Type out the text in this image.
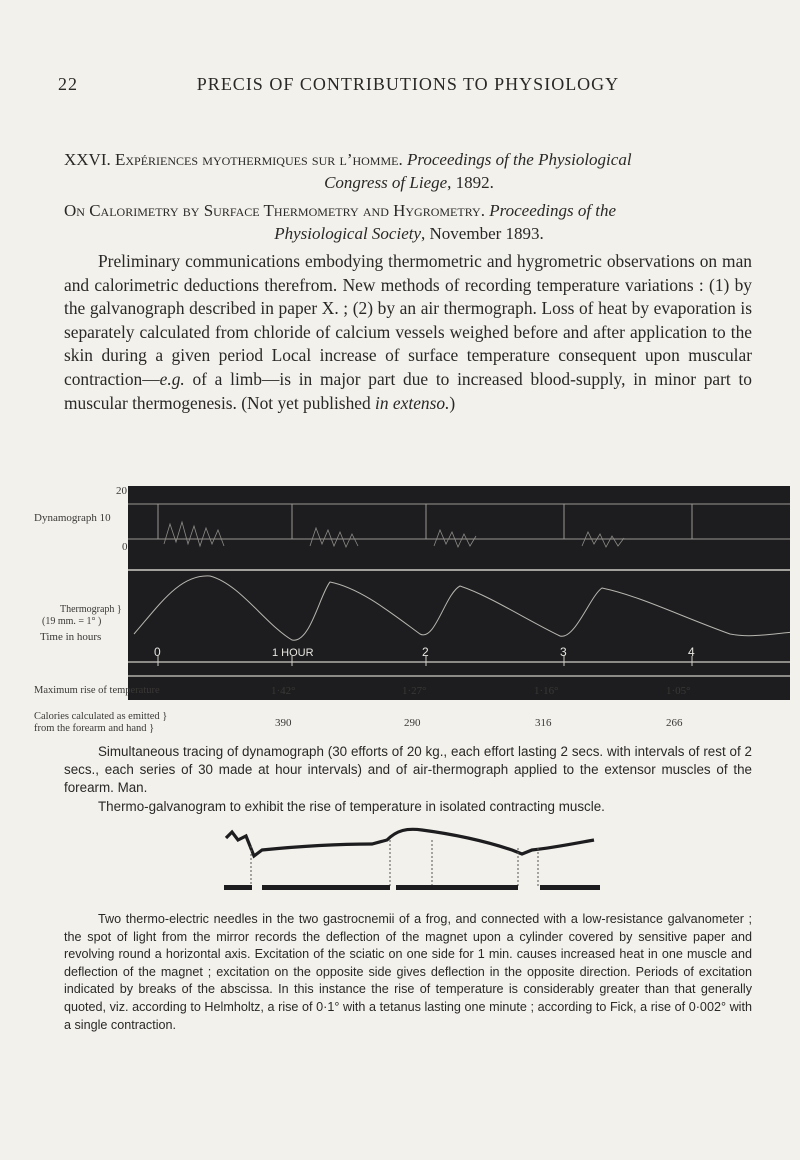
22	PRECIS OF CONTRIBUTIONS TO PHYSIOLOGY
XXVI. Expériences myothermiques sur l’homme. Proceedings of the Physiological
Congress of Liege, 1892.
On Calorimetry by Surface Thermometry and Hygrometry. Proceedings of the
Physiological Society, November 1893.
Preliminary communications embodying thermometric and hygrometric observations on man and calorimetric deductions therefrom. New methods of recording temperature variations : (1) by the galvanograph described in paper X. ; (2) by an air thermograph. Loss of heat by evaporation is separately calculated from chloride of calcium vessels weighed before and after application to the skin during a given period Local increase of surface temperature consequent upon muscular contraction—e.g. of a limb—is in major part due to increased blood-supply, in minor part to muscular thermogenesis. (Not yet published in extenso.)
20
Dynamograph 10
0
Thermograph }
(19 mm. = 1° )
Time in hours
0	1 HOUR	2	3	4
Maximum rise of temperature	1·42°	1·27°	1·16°	1·05°
Calories calculated as emitted }
from the forearm and hand }	390	290	316	266
Simultaneous tracing of dynamograph (30 efforts of 20 kg., each effort lasting 2 secs. with intervals of rest of 2 secs., each series of 30 made at hour intervals) and of air-thermograph applied to the extensor muscles of the forearm. Man.
Thermo-galvanogram to exhibit the rise of temperature in isolated contracting muscle.
Two thermo-electric needles in the two gastrocnemii of a frog, and connected with a low-resistance galvanometer ; the spot of light from the mirror records the deflection of the magnet upon a cylinder covered by sensitive paper and revolving round a horizontal axis. Excitation of the sciatic on one side for 1 min. causes increased heat in one muscle and deflection of the magnet ; excitation on the opposite side gives deflection in the opposite direction. Periods of excitation indicated by breaks of the abscissa. In this instance the rise of temperature is considerably greater than that generally quoted, viz. according to Helmholtz, a rise of 0·1° with a tetanus lasting one minute ; according to Fick, a rise of 0·002° with a single contraction.
